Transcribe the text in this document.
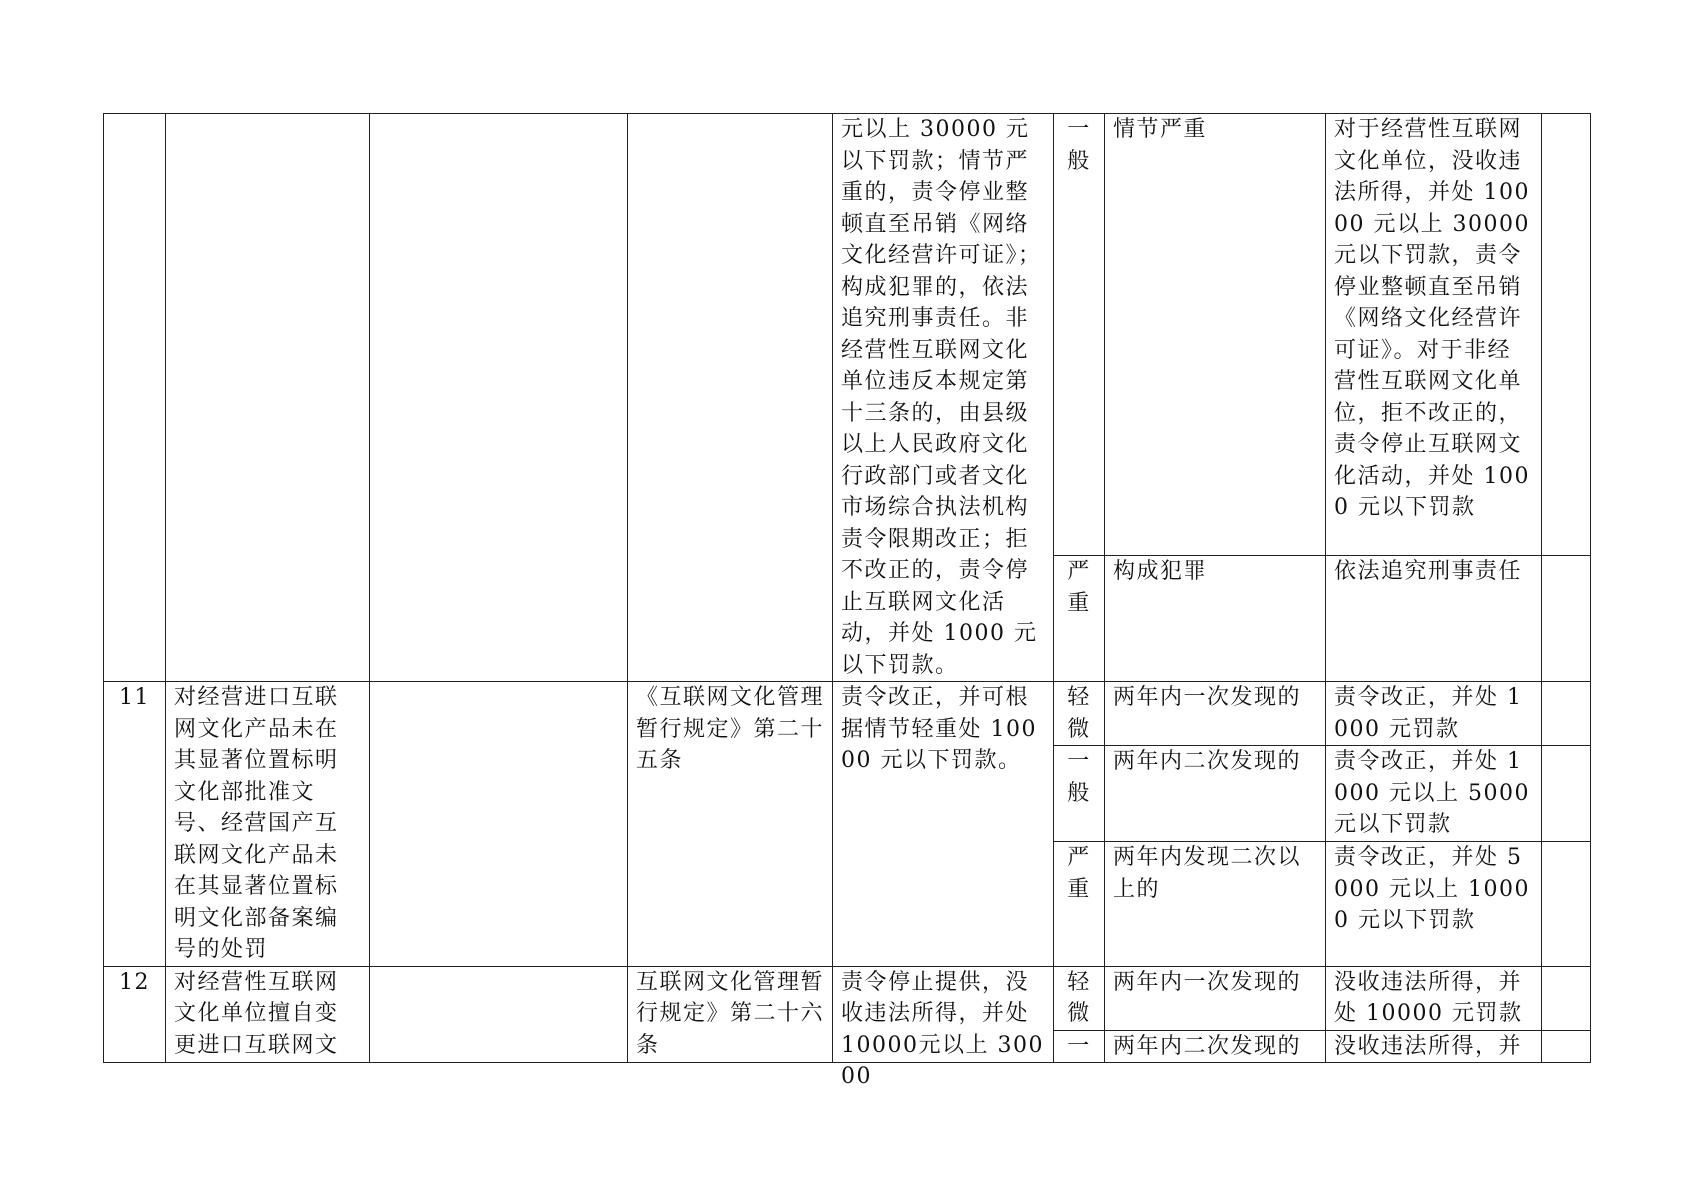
				元以上 30000 元以下罚款；情节严重的，责令停业整顿直至吊销《网络文化经营许可证》；构成犯罪的，依法追究刑事责任。非经营性互联网文化单位违反本规定第十三条的，由县级以上人民政府文化行政部门或者文化市场综合执法机构责令限期改正；拒不改正的，责令停止互联网文化活动，并处 1000 元以下罚款。	一般	情节严重	对于经营性互联网文化单位，没收违法所得，并处 10000 元以上 30000 元以下罚款，责令停业整顿直至吊销《网络文化经营许可证》。对于非经营性互联网文化单位，拒不改正的，责令停止互联网文化活动，并处 1000 元以下罚款	
					严重	构成犯罪	依法追究刑事责任	
11	对经营进口互联网文化产品未在其显著位置标明文化部批准文号、经营国产互联网文化产品未在其显著位置标明文化部备案编号的处罚		《互联网文化管理暂行规定》第二十五条	责令改正，并可根据情节轻重处 10000 元以下罚款。	轻微	两年内一次发现的	责令改正，并处 1000 元罚款	
					一般	两年内二次发现的	责令改正，并处 1000 元以上 5000 元以下罚款	
					严重	两年内发现二次以上的	责令改正，并处 5000 元以上 10000 元以下罚款	
12	对经营性互联网文化单位擅自变更进口互联网文		互联网文化管理暂行规定》第二十六条	责令停止提供，没收违法所得，并处 10000元以上 30000	轻微	两年内一次发现的	没收违法所得，并处 10000 元罚款	
					一	两年内二次发现的	没收违法所得，并	
